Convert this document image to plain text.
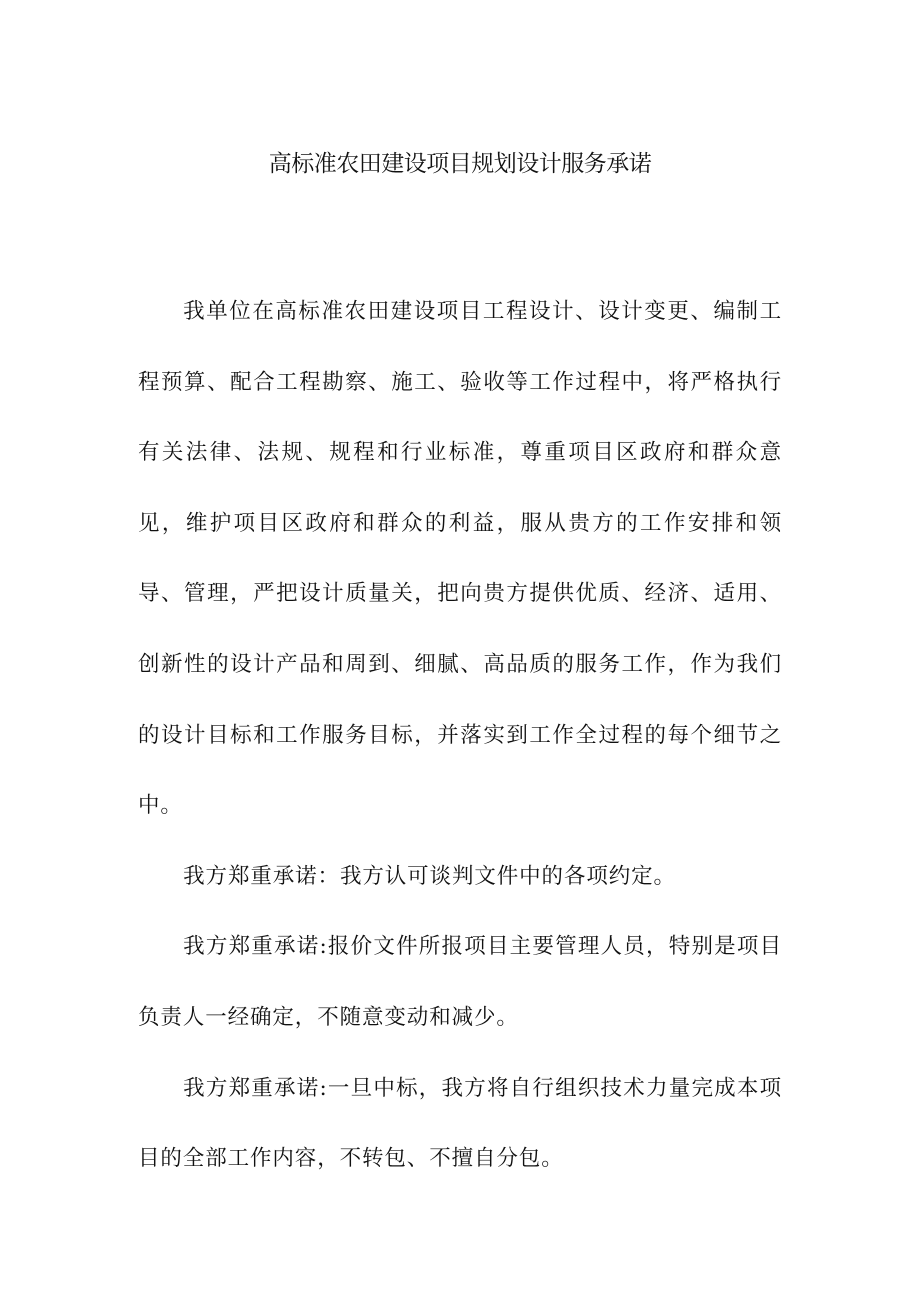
高标准农田建设项目规划设计服务承诺

我单位在高标准农田建设项目工程设计、设计变更、编制工程预算、配合工程勘察、施工、验收等工作过程中，将严格执行有关法律、法规、规程和行业标准，尊重项目区政府和群众意见，维护项目区政府和群众的利益，服从贵方的工作安排和领导、管理，严把设计质量关，把向贵方提供优质、经济、适用、创新性的设计产品和周到、细腻、高品质的服务工作，作为我们的设计目标和工作服务目标，并落实到工作全过程的每个细节之中。

我方郑重承诺：我方认可谈判文件中的各项约定。

我方郑重承诺:报价文件所报项目主要管理人员，特别是项目负责人一经确定，不随意变动和减少。

我方郑重承诺:一旦中标，我方将自行组织技术力量完成本项目的全部工作内容，不转包、不擅自分包。
